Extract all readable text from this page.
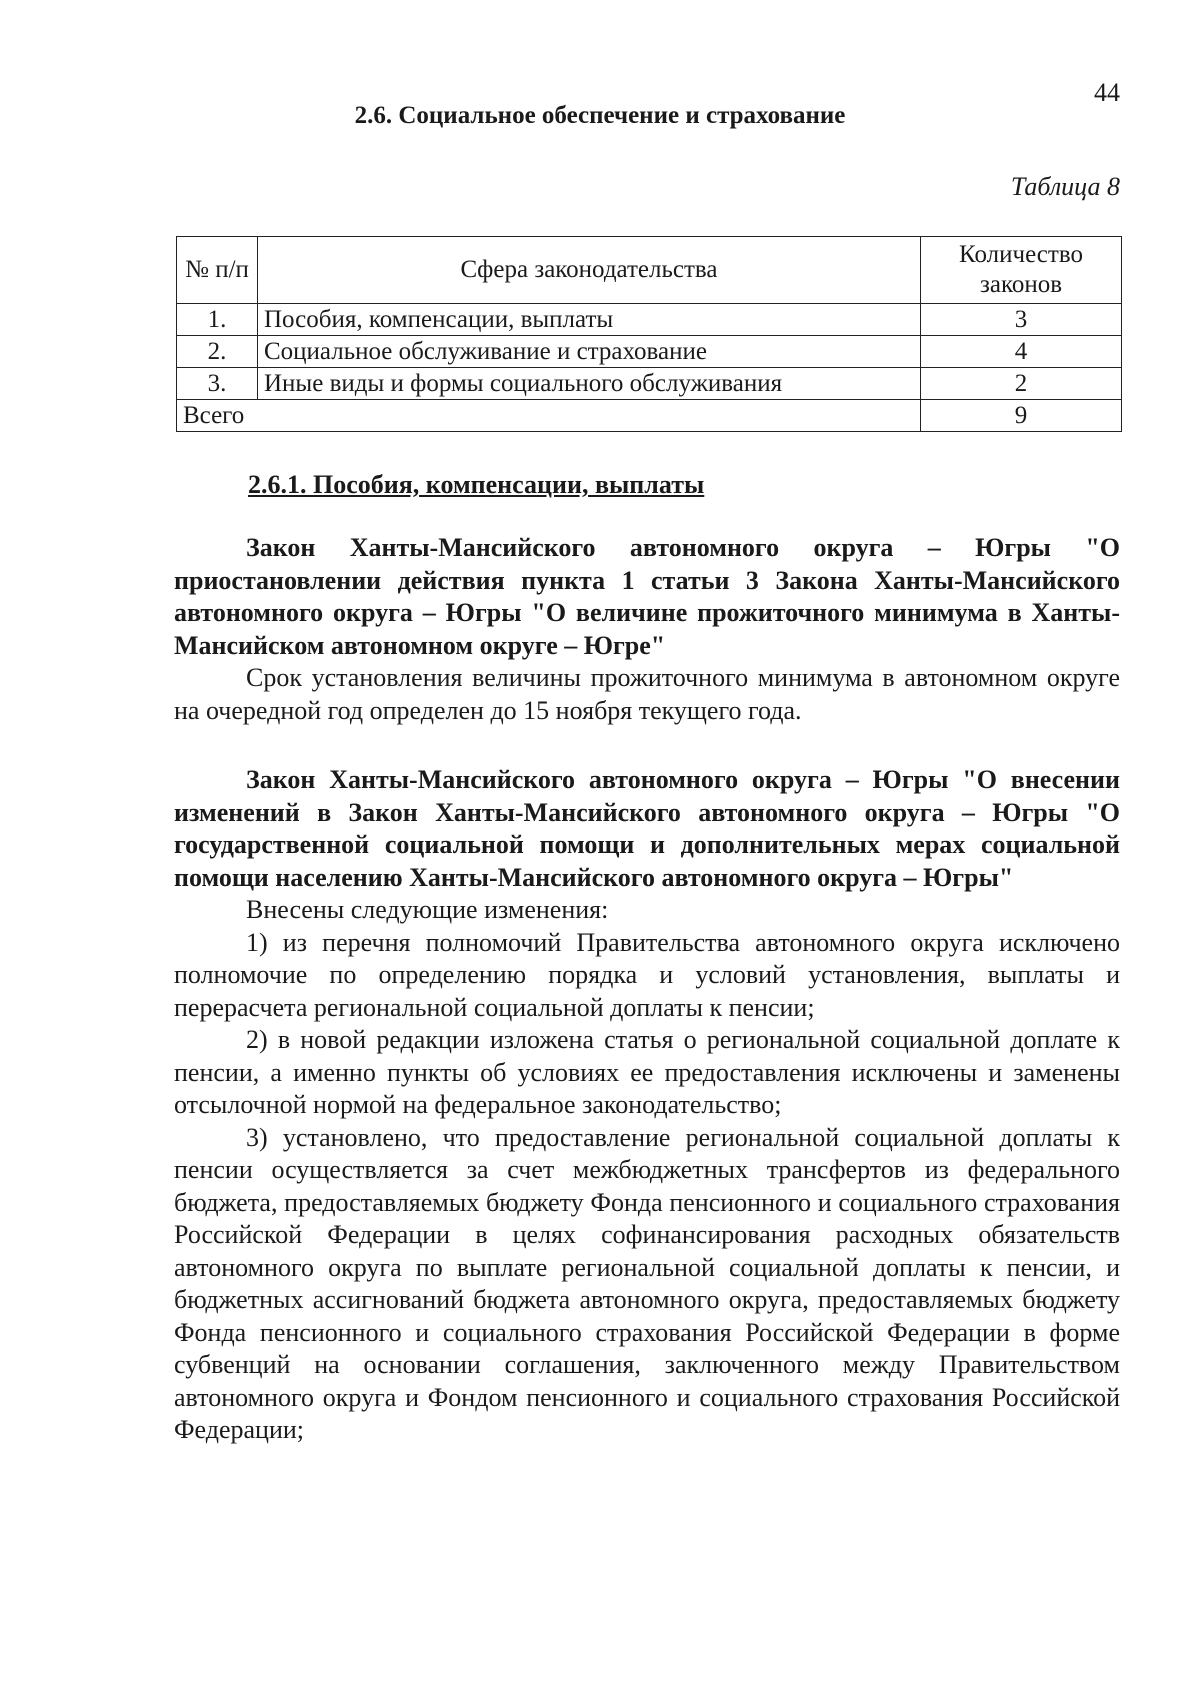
44
2.6. Социальное обеспечение и страхование
Таблица 8
№ п/п	Сфера законодательства	Количество законов
1.	Пособия, компенсации, выплаты	3
2.	Социальное обслуживание и страхование	4
3.	Иные виды и формы социального обслуживания	2
Всего		9
2.6.1. Пособия, компенсации, выплаты

Закон Ханты-Мансийского автономного округа – Югры "О приостановлении действия пункта 1 статьи 3 Закона Ханты-Мансийского автономного округа – Югры "О величине прожиточного минимума в Ханты-Мансийском автономном округе – Югре"

Срок установления величины прожиточного минимума в автономном округе на очередной год определен до 15 ноября текущего года.

Закон Ханты-Мансийского автономного округа – Югры "О внесении изменений в Закон Ханты-Мансийского автономного округа – Югры "О государственной социальной помощи и дополнительных мерах социальной помощи населению Ханты-Мансийского автономного округа – Югры"

Внесены следующие изменения:

1) из перечня полномочий Правительства автономного округа исключено полномочие по определению порядка и условий установления, выплаты и перерасчета региональной социальной доплаты к пенсии;

2) в новой редакции изложена статья о региональной социальной доплате к пенсии, а именно пункты об условиях ее предоставления исключены и заменены отсылочной нормой на федеральное законодательство;

3) установлено, что предоставление региональной социальной доплаты к пенсии осуществляется за счет межбюджетных трансфертов из федерального бюджета, предоставляемых бюджету Фонда пенсионного и социального страхования Российской Федерации в целях софинансирования расходных обязательств автономного округа по выплате региональной социальной доплаты к пенсии, и бюджетных ассигнований бюджета автономного округа, предоставляемых бюджету Фонда пенсионного и социального страхования Российской Федерации в форме субвенций на основании соглашения, заключенного между Правительством автономного округа и Фондом пенсионного и социального страхования Российской Федерации;
